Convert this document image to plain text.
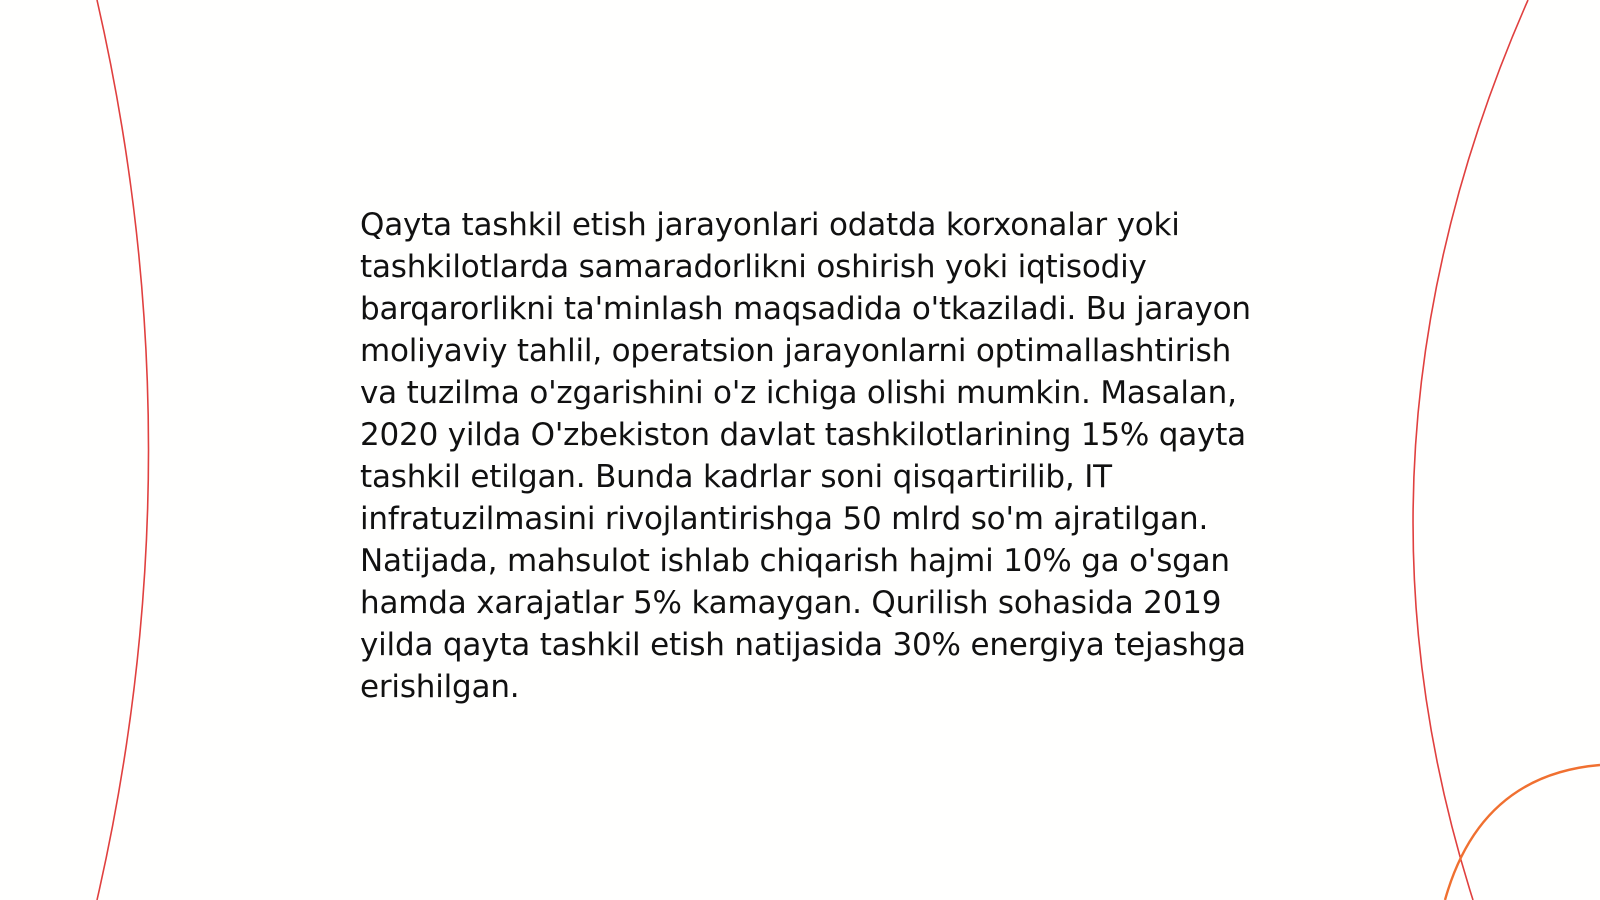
Qayta tashkil etish jarayonlari odatda korxonalar yoki tashkilotlarda samaradorlikni oshirish yoki iqtisodiy barqarorlikni ta'minlash maqsadida o'tkaziladi. Bu jarayon moliyaviy tahlil, operatsion jarayonlarni optimallashtirish va tuzilma o'zgarishini o'z ichiga olishi mumkin. Masalan, 2020 yilda O'zbekiston davlat tashkilotlarining 15% qayta tashkil etilgan. Bunda kadrlar soni qisqartirilib, IT infratuzilmasini rivojlantirishga 50 mlrd so'm ajratilgan. Natijada, mahsulot ishlab chiqarish hajmi 10% ga o'sgan hamda xarajatlar 5% kamaygan. Qurilish sohasida 2019 yilda qayta tashkil etish natijasida 30% energiya tejashga erishilgan.
